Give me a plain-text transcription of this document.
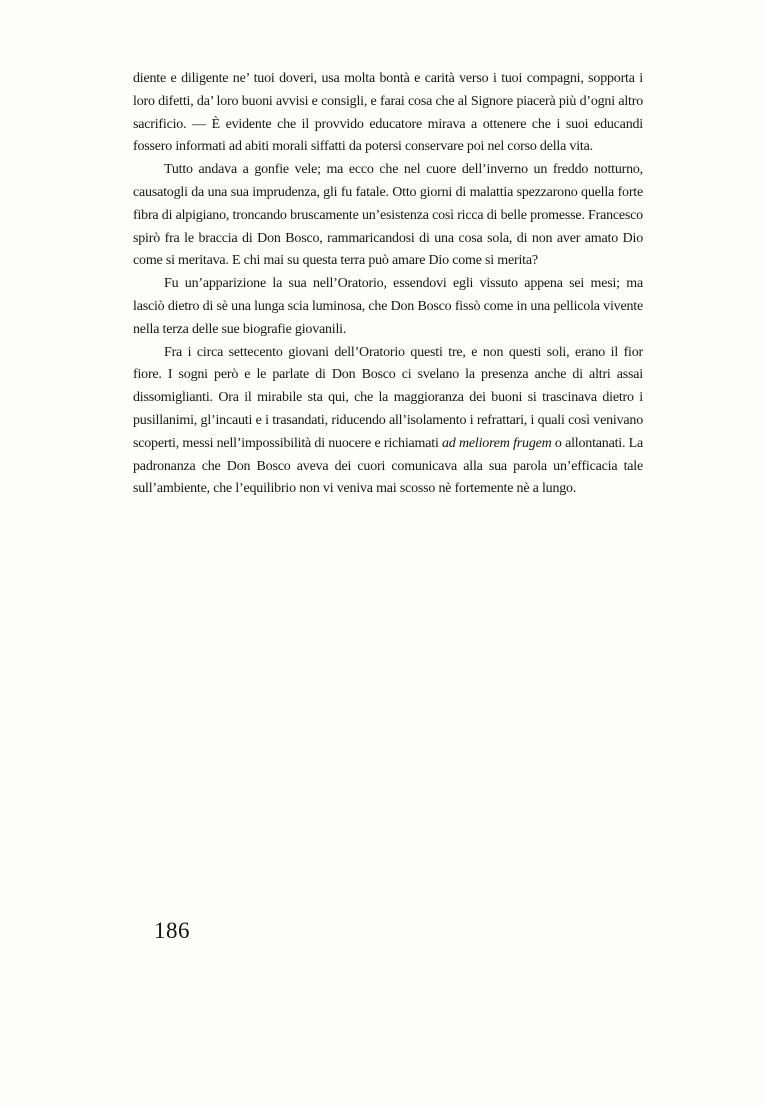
diente e diligente ne’ tuoi doveri, usa molta bontà e carità verso i tuoi compagni, sopporta i loro difetti, da’ loro buoni avvisi e consigli, e farai cosa che al Signore piacerà più d’ogni altro sacrificio. — È evidente che il provvido educatore mirava a ottenere che i suoi educandi fossero informati ad abiti morali siffatti da potersi conservare poi nel corso della vita.

Tutto andava a gonfie vele; ma ecco che nel cuore dell’inverno un freddo notturno, causatogli da una sua imprudenza, gli fu fatale. Otto giorni di malattia spezzarono quella forte fibra di alpigiano, troncando bruscamente un’esistenza così ricca di belle promesse. Francesco spirò fra le braccia di Don Bosco, rammaricandosi di una cosa sola, di non aver amato Dio come si meritava. E chi mai su questa terra può amare Dio come si merita?

Fu un’apparizione la sua nell’Oratorio, essendovi egli vissuto appena sei mesi; ma lasciò dietro di sè una lunga scia luminosa, che Don Bosco fissò come in una pellicola vivente nella terza delle sue biografie giovanili.

Fra i circa settecento giovani dell’Oratorio questi tre, e non questi soli, erano il fior fiore. I sogni però e le parlate di Don Bosco ci svelano la presenza anche di altri assai dissomiglianti. Ora il mirabile sta qui, che la maggioranza dei buoni si trascinava dietro i pusillanimi, gl’incauti e i trasandati, riducendo all’isolamento i refrattari, i quali così venivano scoperti, messi nell’impossibilità di nuocere e richiamati ad meliorem frugem o allontanati. La padronanza che Don Bosco aveva dei cuori comunicava alla sua parola un’efficacia tale sull’ambiente, che l’equilibrio non vi veniva mai scosso nè fortemente nè a lungo.

186
